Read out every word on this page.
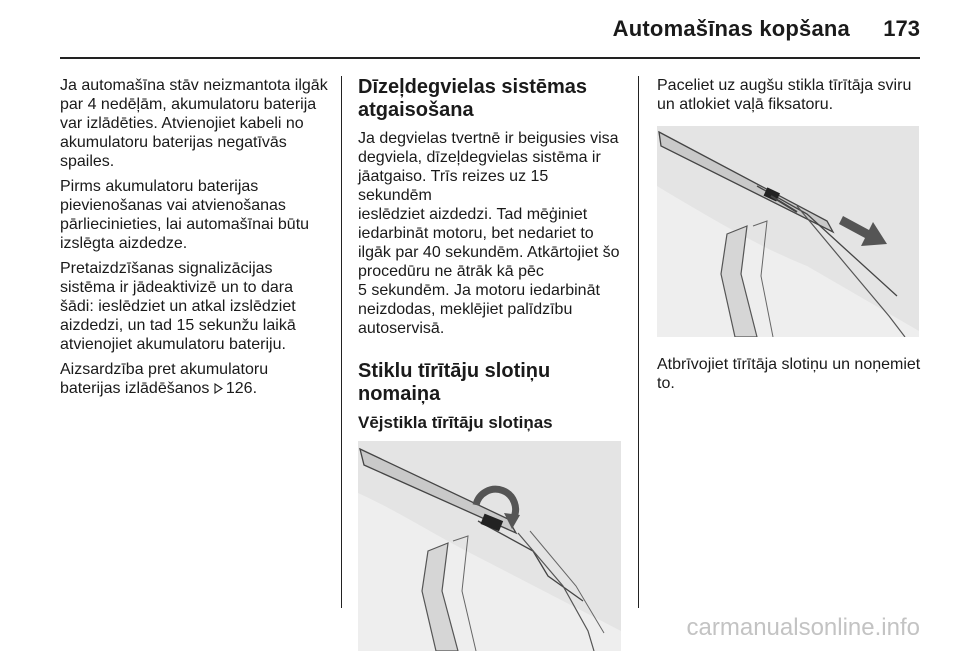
Automašīnas kopšana	173

Ja automašīna stāv neizmantota ilgāk
par 4 nedēļām, akumulatoru baterija
var izlādēties. Atvienojiet kabeli no
akumulatoru baterijas negatīvās
spailes.

Pirms akumulatoru baterijas
pievienošanas vai atvienošanas
pārliecinieties, lai automašīnai būtu
izslēgta aizdedze.

Pretaizdzīšanas signalizācijas
sistēma ir jādeaktivizē un to dara
šādi: ieslēdziet un atkal izslēdziet
aizdedzi, un tad 15 sekunžu laikā
atvienojiet akumulatoru bateriju.

Aizsardzība pret akumulatoru
baterijas izlādēšanos 126.

Dīzeļdegvielas sistēmas
atgaisošana

Ja degvielas tvertnē ir beigusies visa
degviela, dīzeļdegvielas sistēma ir
jāatgaiso. Trīs reizes uz 15 sekundēm
ieslēdziet aizdedzi. Tad mēģiniet
iedarbināt motoru, bet nedariet to
ilgāk par 40 sekundēm. Atkārtojiet šo
procedūru ne ātrāk kā pēc
5 sekundēm. Ja motoru iedarbināt
neizdodas, meklējiet palīdzību
autoservisā.

Stiklu tīrītāju slotiņu nomaiņa
Vējstikla tīrītāju slotiņas

Paceliet uz augšu stikla tīrītāja sviru
un atlokiet vaļā fiksatoru.

Atbrīvojiet tīrītāja slotiņu un noņemiet
to.

carmanualsonline.info
